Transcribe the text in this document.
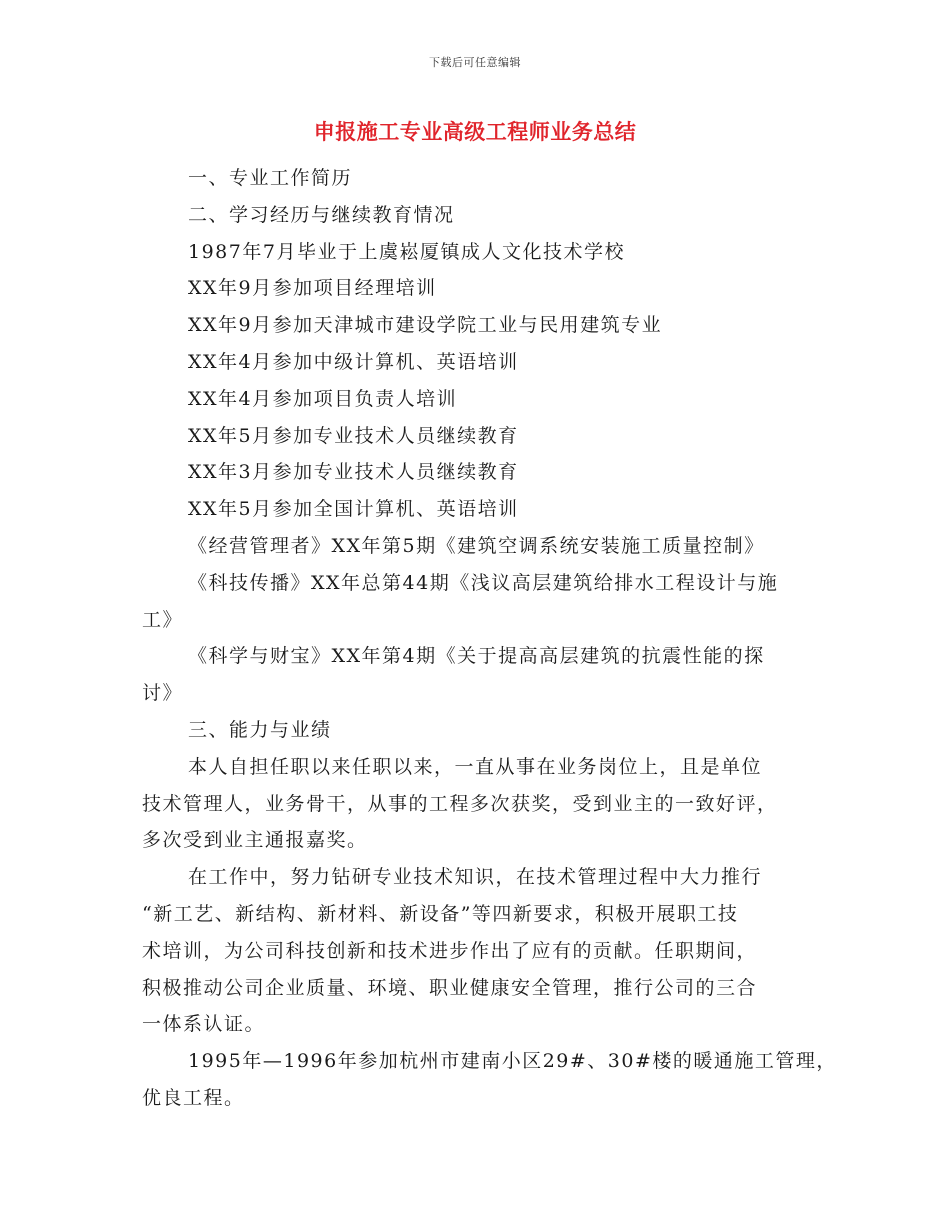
下载后可任意编辑
申报施工专业高级工程师业务总结
一、专业工作简历
二、学习经历与继续教育情况
1987年7月毕业于上虞崧厦镇成人文化技术学校
XX年9月参加项目经理培训
XX年9月参加天津城市建设学院工业与民用建筑专业
XX年4月参加中级计算机、英语培训
XX年4月参加项目负责人培训
XX年5月参加专业技术人员继续教育
XX年3月参加专业技术人员继续教育
XX年5月参加全国计算机、英语培训
《经营管理者》XX年第5期《建筑空调系统安装施工质量控制》
《科技传播》XX年总第44期《浅议高层建筑给排水工程设计与施
工》
《科学与财宝》XX年第4期《关于提高高层建筑的抗震性能的探
讨》
三、能力与业绩
本人自担任职以来任职以来，一直从事在业务岗位上，且是单位
技术管理人，业务骨干，从事的工程多次获奖，受到业主的一致好评，
多次受到业主通报嘉奖。
在工作中，努力钻研专业技术知识，在技术管理过程中大力推行
“新工艺、新结构、新材料、新设备”等四新要求，积极开展职工技
术培训，为公司科技创新和技术进步作出了应有的贡献。任职期间，
积极推动公司企业质量、环境、职业健康安全管理，推行公司的三合
一体系认证。
1995年—1996年参加杭州市建南小区29#、30#楼的暖通施工管理，
优良工程。
